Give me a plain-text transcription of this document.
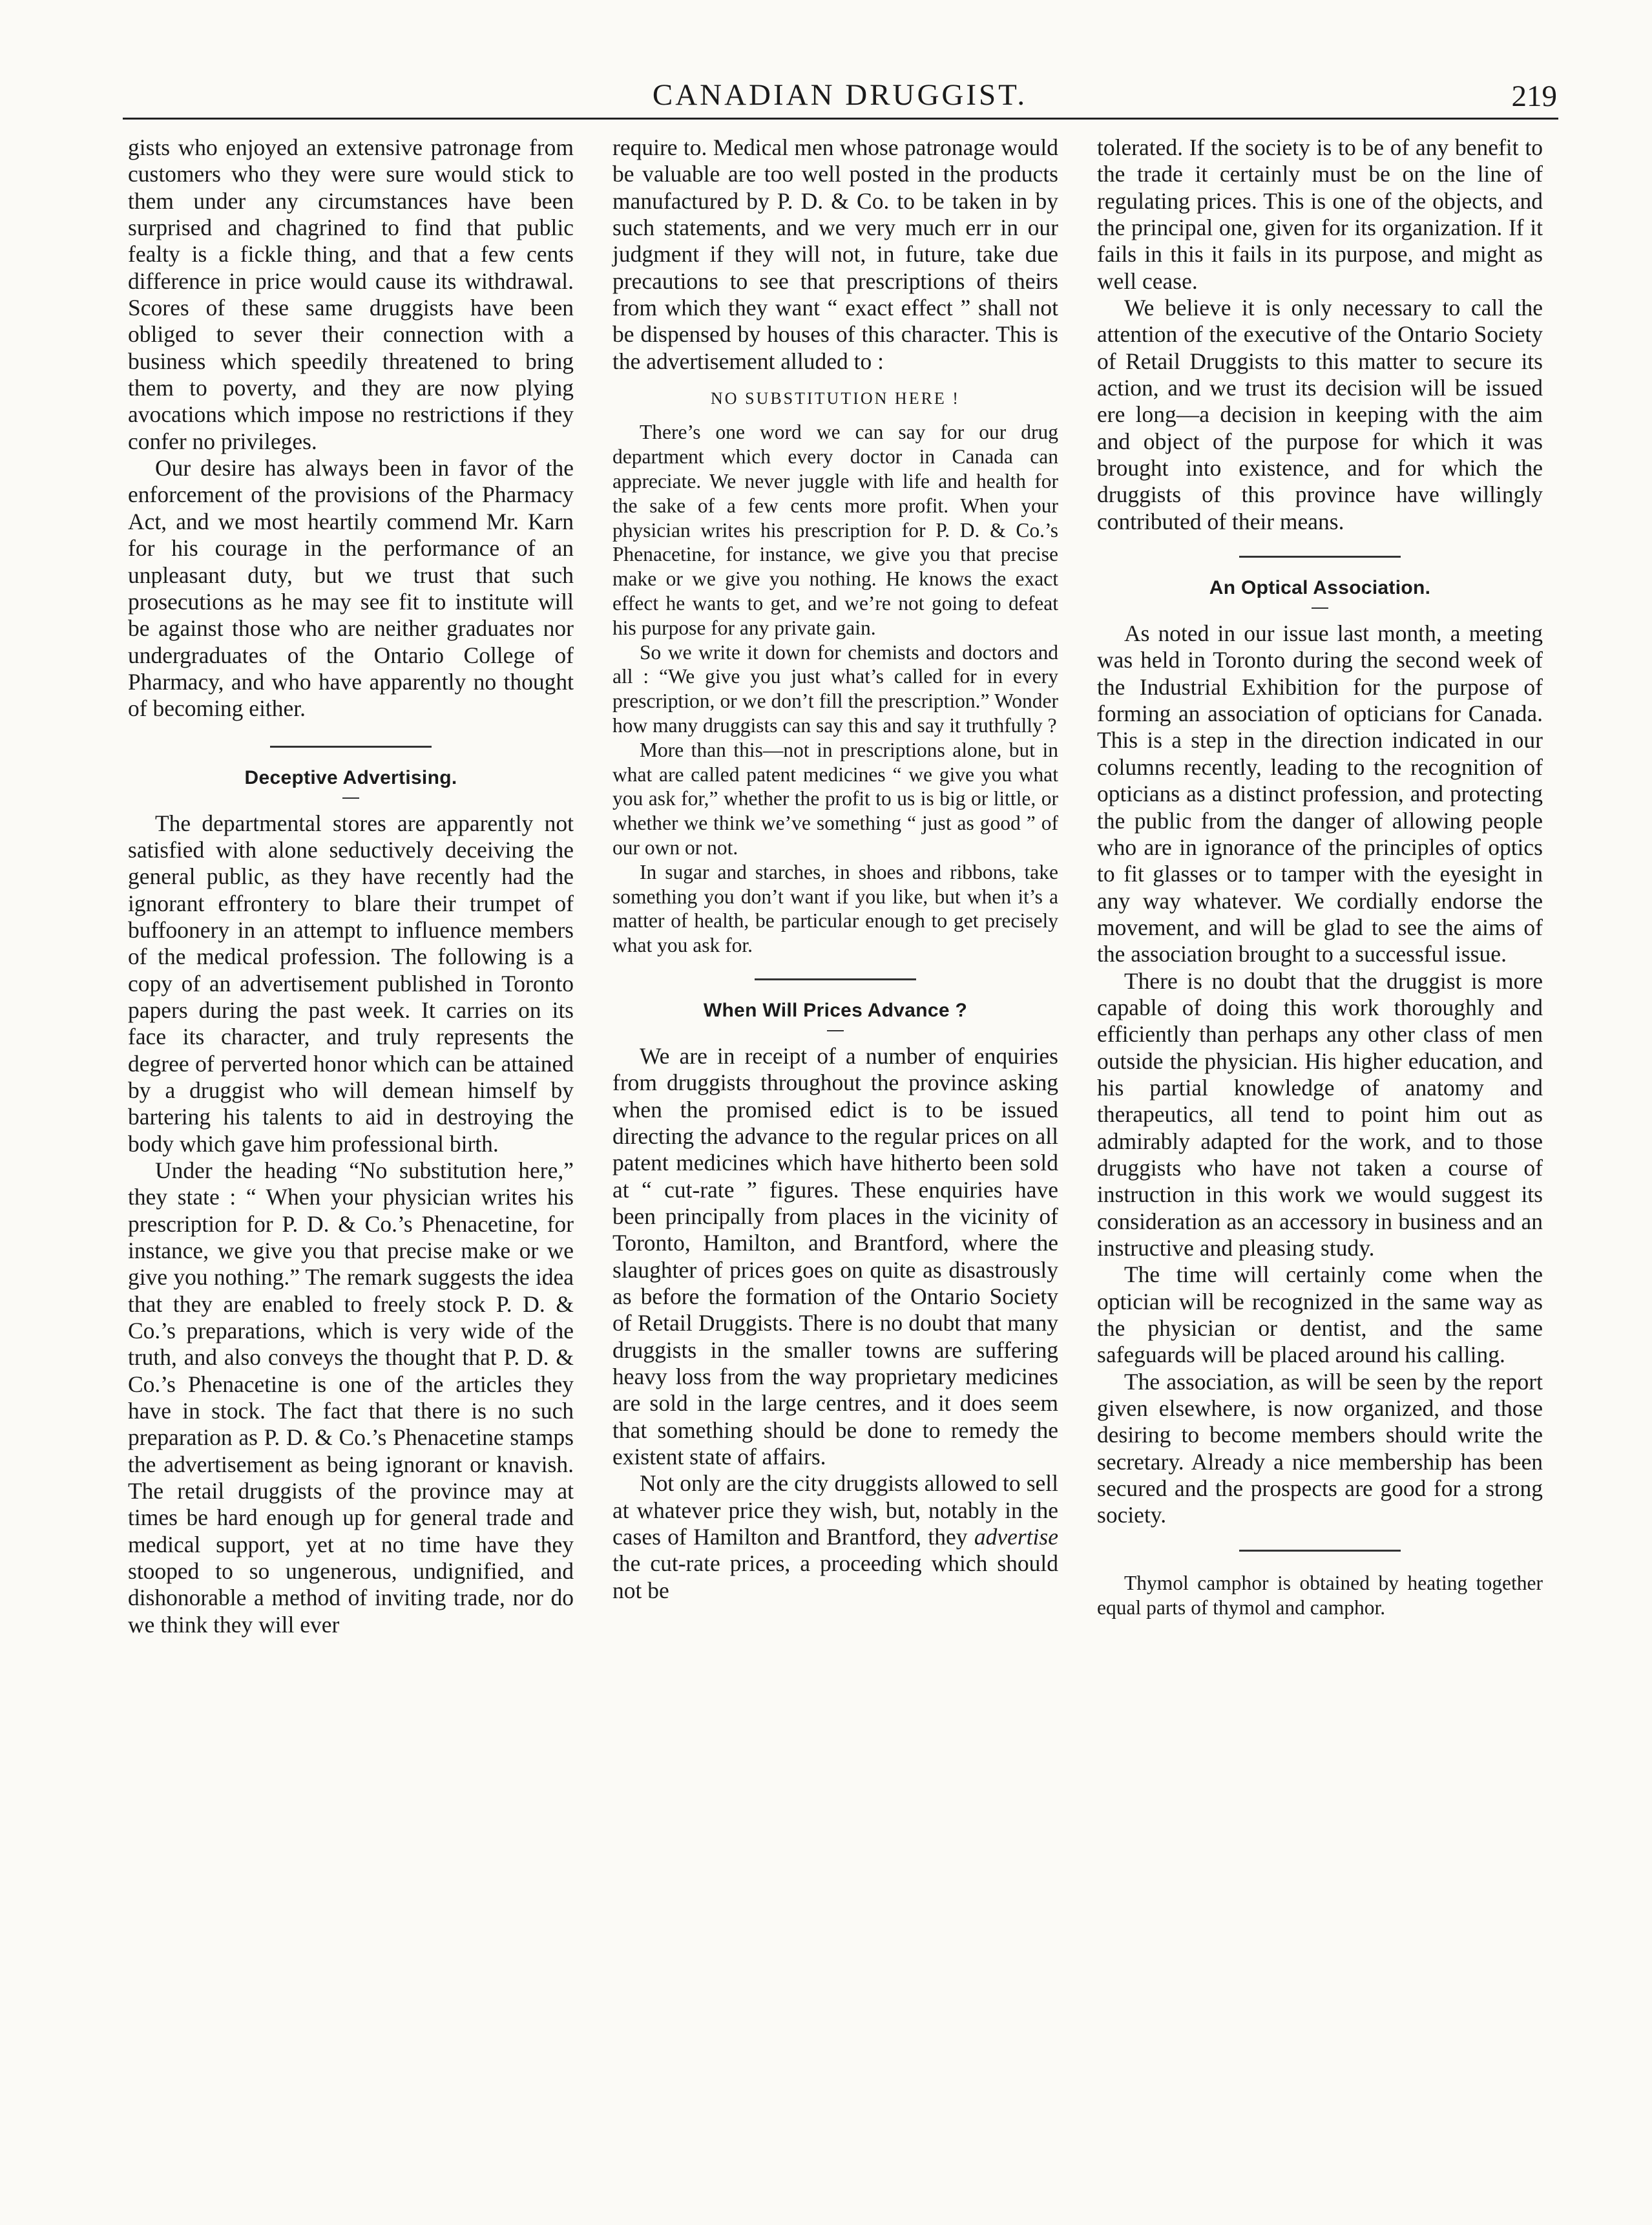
CANADIAN DRUGGIST.	219

gists who enjoyed an extensive patronage from customers who they were sure would stick to them under any circumstances have been surprised and chagrined to find that public fealty is a fickle thing, and that a few cents difference in price would cause its withdrawal. Scores of these same druggists have been obliged to sever their connection with a business which speedily threatened to bring them to poverty, and they are now plying avocations which impose no restrictions if they confer no privileges.

Our desire has always been in favor of the enforcement of the provisions of the Pharmacy Act, and we most heartily commend Mr. Karn for his courage in the performance of an unpleasant duty, but we trust that such prosecutions as he may see fit to institute will be against those who are neither graduates nor undergraduates of the Ontario College of Pharmacy, and who have apparently no thought of becoming either.

Deceptive Advertising.

The departmental stores are apparently not satisfied with alone seductively deceiving the general public, as they have recently had the ignorant effrontery to blare their trumpet of buffoonery in an attempt to influence members of the medical profession. The following is a copy of an advertisement published in Toronto papers during the past week. It carries on its face its character, and truly represents the degree of perverted honor which can be attained by a druggist who will demean himself by bartering his talents to aid in destroying the body which gave him professional birth.

Under the heading “No substitution here,” they state : “ When your physician writes his prescription for P. D. & Co.’s Phenacetine, for instance, we give you that precise make or we give you nothing.” The remark suggests the idea that they are enabled to freely stock P. D. & Co.’s preparations, which is very wide of the truth, and also conveys the thought that P. D. & Co.’s Phenacetine is one of the articles they have in stock. The fact that there is no such preparation as P. D. & Co.’s Phenacetine stamps the advertisement as being ignorant or knavish. The retail druggists of the province may at times be hard enough up for general trade and medical support, yet at no time have they stooped to so ungenerous, undignified, and dishonorable a method of inviting trade, nor do we think they will ever

require to. Medical men whose patronage would be valuable are too well posted in the products manufactured by P. D. & Co. to be taken in by such statements, and we very much err in our judgment if they will not, in future, take due precautions to see that prescriptions of theirs from which they want “ exact effect ” shall not be dispensed by houses of this character. This is the advertisement alluded to :

NO SUBSTITUTION HERE !

There’s one word we can say for our drug department which every doctor in Canada can appreciate. We never juggle with life and health for the sake of a few cents more profit. When your physician writes his prescription for P. D. & Co.’s Phenacetine, for instance, we give you that precise make or we give you nothing. He knows the exact effect he wants to get, and we’re not going to defeat his purpose for any private gain.

So we write it down for chemists and doctors and all : “We give you just what’s called for in every prescription, or we don’t fill the prescription.” Wonder how many druggists can say this and say it truthfully ?

More than this—not in prescriptions alone, but in what are called patent medicines “ we give you what you ask for,” whether the profit to us is big or little, or whether we think we’ve something “ just as good ” of our own or not.

In sugar and starches, in shoes and ribbons, take something you don’t want if you like, but when it’s a matter of health, be particular enough to get precisely what you ask for.

When Will Prices Advance ?

We are in receipt of a number of enquiries from druggists throughout the province asking when the promised edict is to be issued directing the advance to the regular prices on all patent medicines which have hitherto been sold at “ cut-rate ” figures. These enquiries have been principally from places in the vicinity of Toronto, Hamilton, and Brantford, where the slaughter of prices goes on quite as disastrously as before the formation of the Ontario Society of Retail Druggists. There is no doubt that many druggists in the smaller towns are suffering heavy loss from the way proprietary medicines are sold in the large centres, and it does seem that something should be done to remedy the existent state of affairs.

Not only are the city druggists allowed to sell at whatever price they wish, but, notably in the cases of Hamilton and Brantford, they advertise the cut-rate prices, a proceeding which should not be

tolerated. If the society is to be of any benefit to the trade it certainly must be on the line of regulating prices. This is one of the objects, and the principal one, given for its organization. If it fails in this it fails in its purpose, and might as well cease.

We believe it is only necessary to call the attention of the executive of the Ontario Society of Retail Druggists to this matter to secure its action, and we trust its decision will be issued ere long—a decision in keeping with the aim and object of the purpose for which it was brought into existence, and for which the druggists of this province have willingly contributed of their means.

An Optical Association.

As noted in our issue last month, a meeting was held in Toronto during the second week of the Industrial Exhibition for the purpose of forming an association of opticians for Canada. This is a step in the direction indicated in our columns recently, leading to the recognition of opticians as a distinct profession, and protecting the public from the danger of allowing people who are in ignorance of the principles of optics to fit glasses or to tamper with the eyesight in any way whatever. We cordially endorse the movement, and will be glad to see the aims of the association brought to a successful issue.

There is no doubt that the druggist is more capable of doing this work thoroughly and efficiently than perhaps any other class of men outside the physician. His higher education, and his partial knowledge of anatomy and therapeutics, all tend to point him out as admirably adapted for the work, and to those druggists who have not taken a course of instruction in this work we would suggest its consideration as an accessory in business and an instructive and pleasing study.

The time will certainly come when the optician will be recognized in the same way as the physician or dentist, and the same safeguards will be placed around his calling.

The association, as will be seen by the report given elsewhere, is now organized, and those desiring to become members should write the secretary. Already a nice membership has been secured and the prospects are good for a strong society.

Thymol camphor is obtained by heating together equal parts of thymol and camphor.
